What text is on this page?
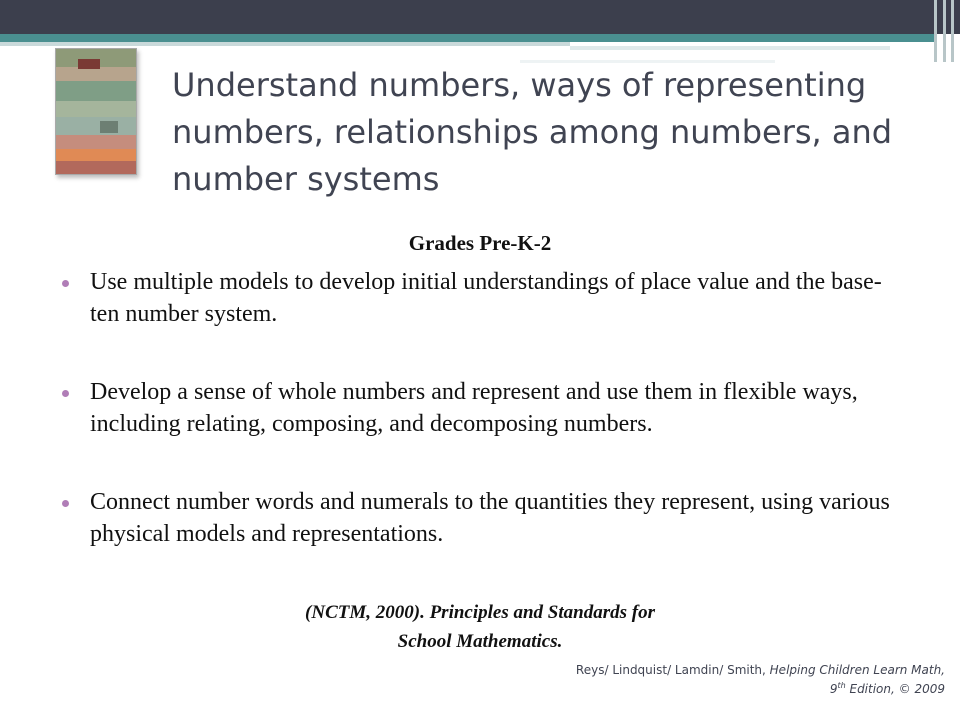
Understand numbers, ways of representing numbers, relationships among numbers, and number systems
Grades Pre-K-2
Use multiple models to develop initial understandings of place value and the base-ten number system.
Develop a sense of whole numbers and represent and use them in flexible ways, including relating, composing, and decomposing numbers.
Connect number words and numerals to the quantities they represent, using various physical models and representations.

(NCTM, 2000). Principles and Standards for
School Mathematics.

Reys/ Lindquist/ Lamdin/ Smith, Helping Children Learn Math,
9th Edition, © 2009
